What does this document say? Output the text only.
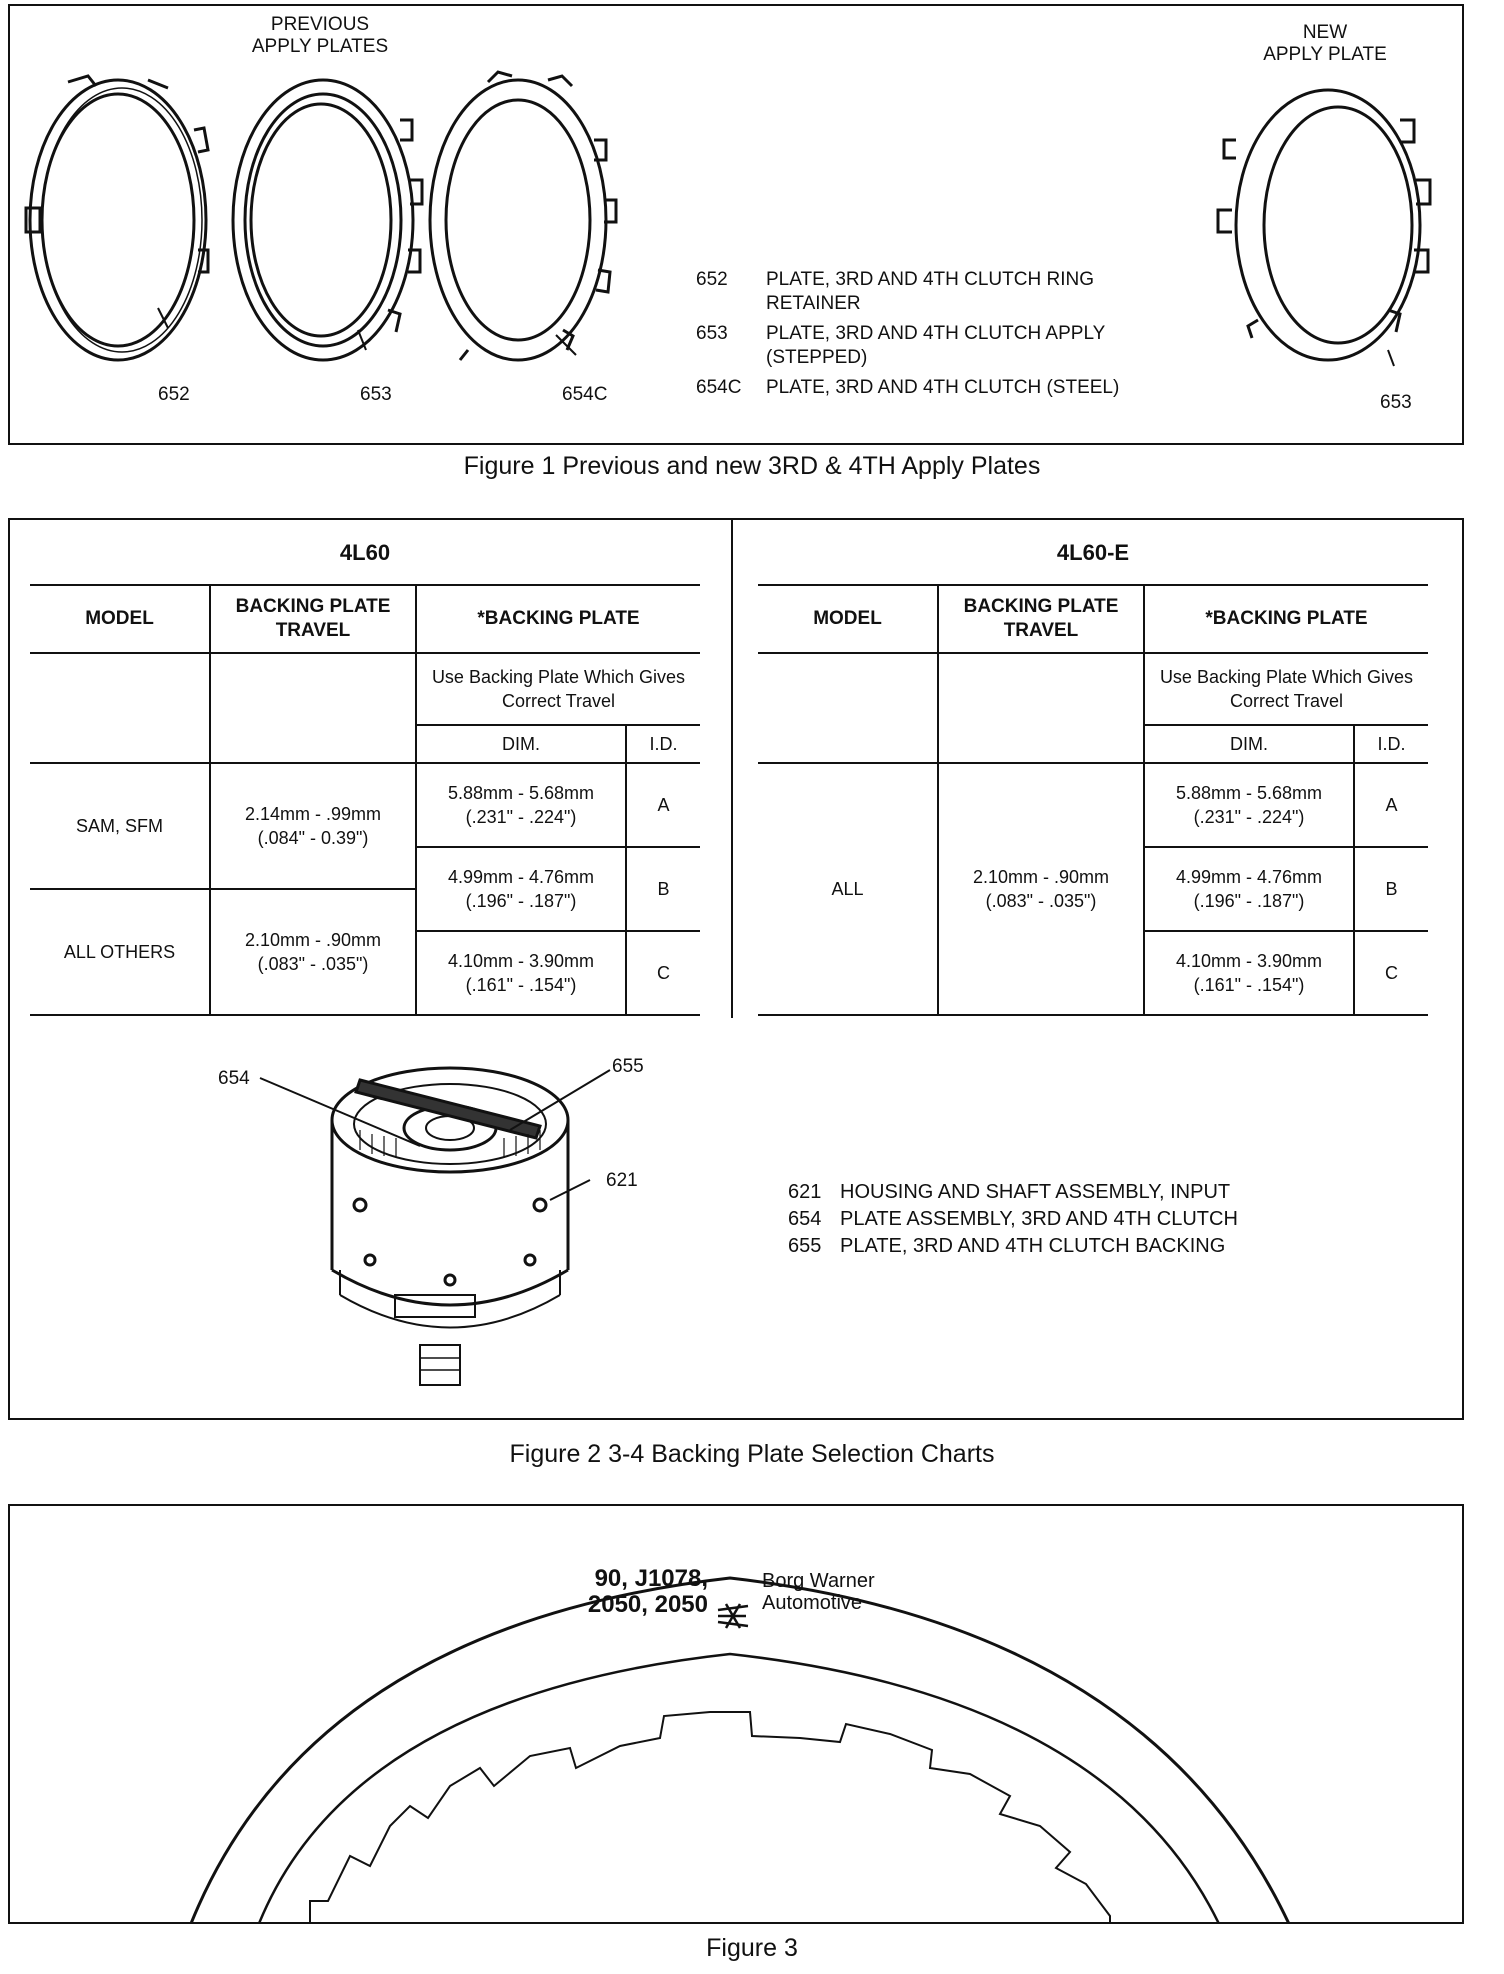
PREVIOUS
APPLY PLATES
NEW
APPLY PLATE
652	653	654C	653
652	PLATE, 3RD AND 4TH CLUTCH RING
RETAINER
653	PLATE, 3RD AND 4TH CLUTCH APPLY
(STEPPED)
654C	PLATE, 3RD AND 4TH CLUTCH (STEEL)
Figure 1 Previous and new 3RD & 4TH Apply Plates
4L60	4L60-E
MODEL	BACKING PLATE TRAVEL	*BACKING PLATE	
		Use Backing Plate Which Gives Correct Travel	
		DIM.	I.D.
SAM, SFM	2.14mm - .99mm (.084" - 0.39")	5.88mm - 5.68mm (.231" - .224")	A
		4.99mm - 4.76mm (.196" - .187")	B
ALL OTHERS	2.10mm - .90mm (.083" - .035")		
		4.10mm - 3.90mm (.161" - .154")	C
MODEL	BACKING PLATE TRAVEL	*BACKING PLATE	
		Use Backing Plate Which Gives Correct Travel	
		DIM.	I.D.
ALL	2.10mm - .90mm (.083" - .035")	5.88mm - 5.68mm (.231" - .224")	A
		4.99mm - 4.76mm (.196" - .187")	B
		4.10mm - 3.90mm (.161" - .154")	C
654
655
621
621 HOUSING AND SHAFT ASSEMBLY, INPUT
654 PLATE ASSEMBLY, 3RD AND 4TH CLUTCH
655 PLATE, 3RD AND 4TH CLUTCH BACKING
Figure 2 3-4 Backing Plate Selection Charts
90, J1078,
2050, 2050
Borg Warner
Automotive
Figure 3
